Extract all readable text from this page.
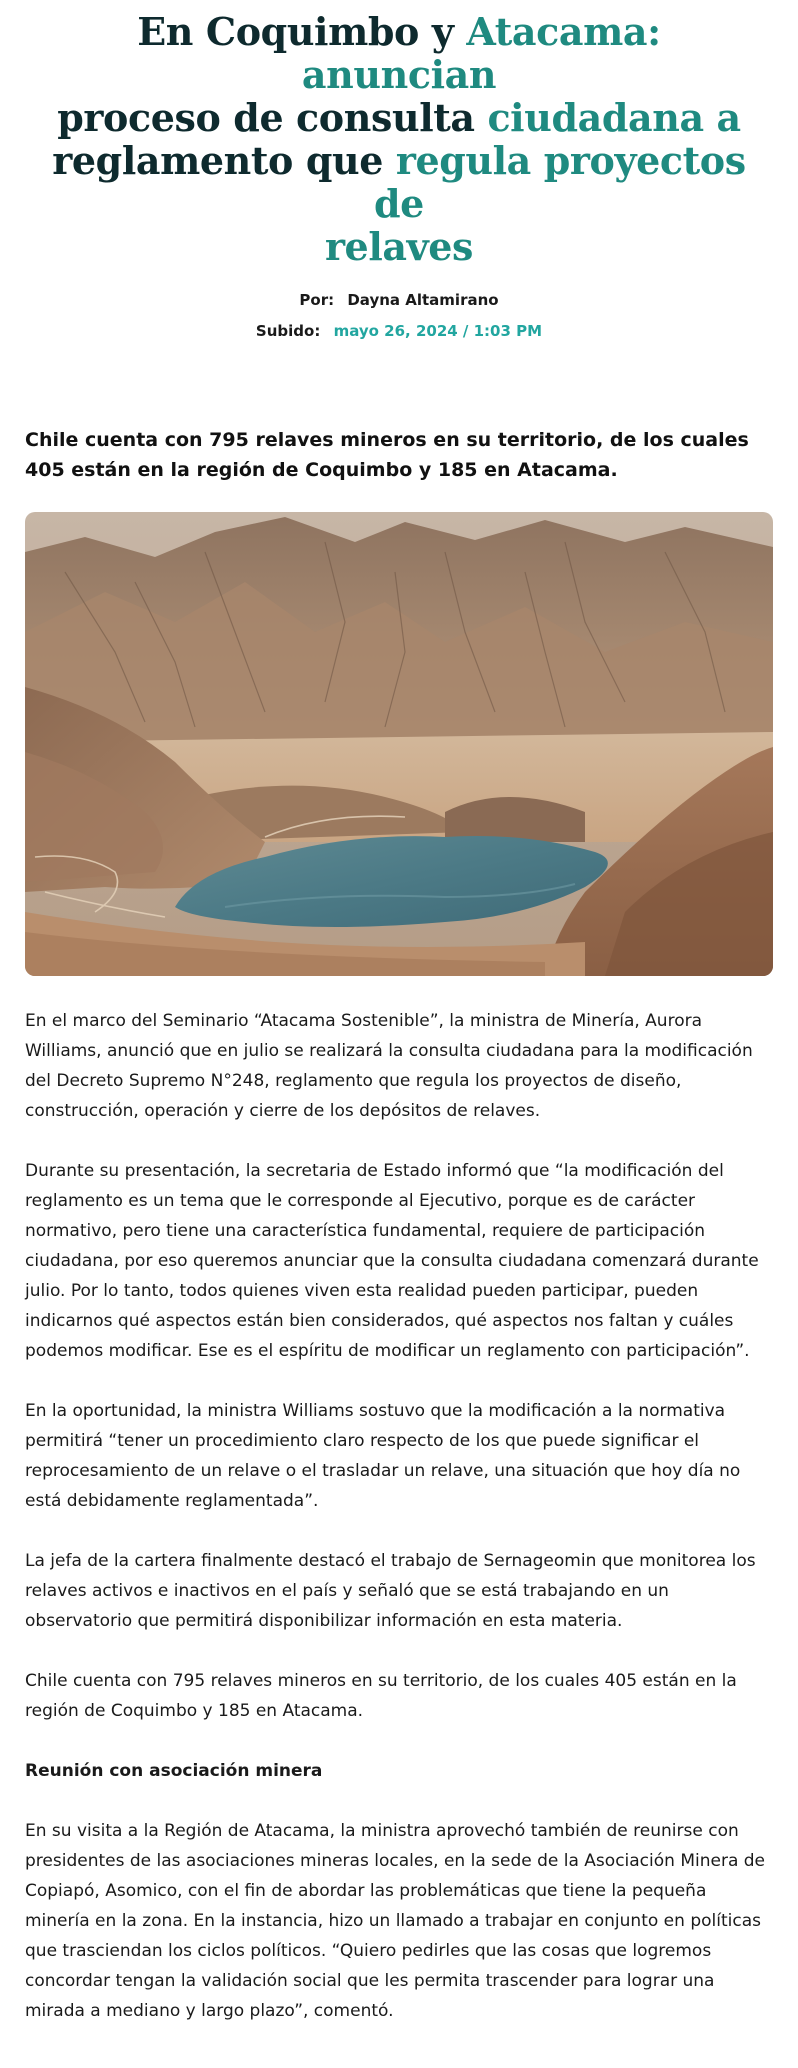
En Coquimbo y Atacama: anuncian
proceso de consulta ciudadana a
reglamento que regula proyectos de
relaves
Por: Dayna Altamirano
Subido: mayo 26, 2024 / 1:03 PM
Chile cuenta con 795 relaves mineros en su territorio, de los cuales 405 están en la región de Coquimbo y 185 en Atacama.

En el marco del Seminario “Atacama Sostenible”, la ministra de Minería, Aurora Williams, anunció que en julio se realizará la consulta ciudadana para la modificación del Decreto Supremo N°248, reglamento que regula los proyectos de diseño, construcción, operación y cierre de los depósitos de relaves.

Durante su presentación, la secretaria de Estado informó que “la modificación del reglamento es un tema que le corresponde al Ejecutivo, porque es de carácter normativo, pero tiene una característica fundamental, requiere de participación ciudadana, por eso queremos anunciar que la consulta ciudadana comenzará durante julio. Por lo tanto, todos quienes viven esta realidad pueden participar, pueden indicarnos qué aspectos están bien considerados, qué aspectos nos faltan y cuáles podemos modificar. Ese es el espíritu de modificar un reglamento con participación”.

En la oportunidad, la ministra Williams sostuvo que la modificación a la normativa permitirá “tener un procedimiento claro respecto de los que puede significar el reprocesamiento de un relave o el trasladar un relave, una situación que hoy día no está debidamente reglamentada”.

La jefa de la cartera finalmente destacó el trabajo de Sernageomin que monitorea los relaves activos e inactivos en el país y señaló que se está trabajando en un observatorio que permitirá disponibilizar información en esta materia.

Chile cuenta con 795 relaves mineros en su territorio, de los cuales 405 están en la región de Coquimbo y 185 en Atacama.

Reunión con asociación minera

En su visita a la Región de Atacama, la ministra aprovechó también de reunirse con presidentes de las asociaciones mineras locales, en la sede de la Asociación Minera de Copiapó, Asomico, con el fin de abordar las problemáticas que tiene la pequeña minería en la zona. En la instancia, hizo un llamado a trabajar en conjunto en políticas que trasciendan los ciclos políticos. “Quiero pedirles que las cosas que logremos concordar tengan la validación social que les permita trascender para lograr una mirada a mediano y largo plazo”, comentó.
